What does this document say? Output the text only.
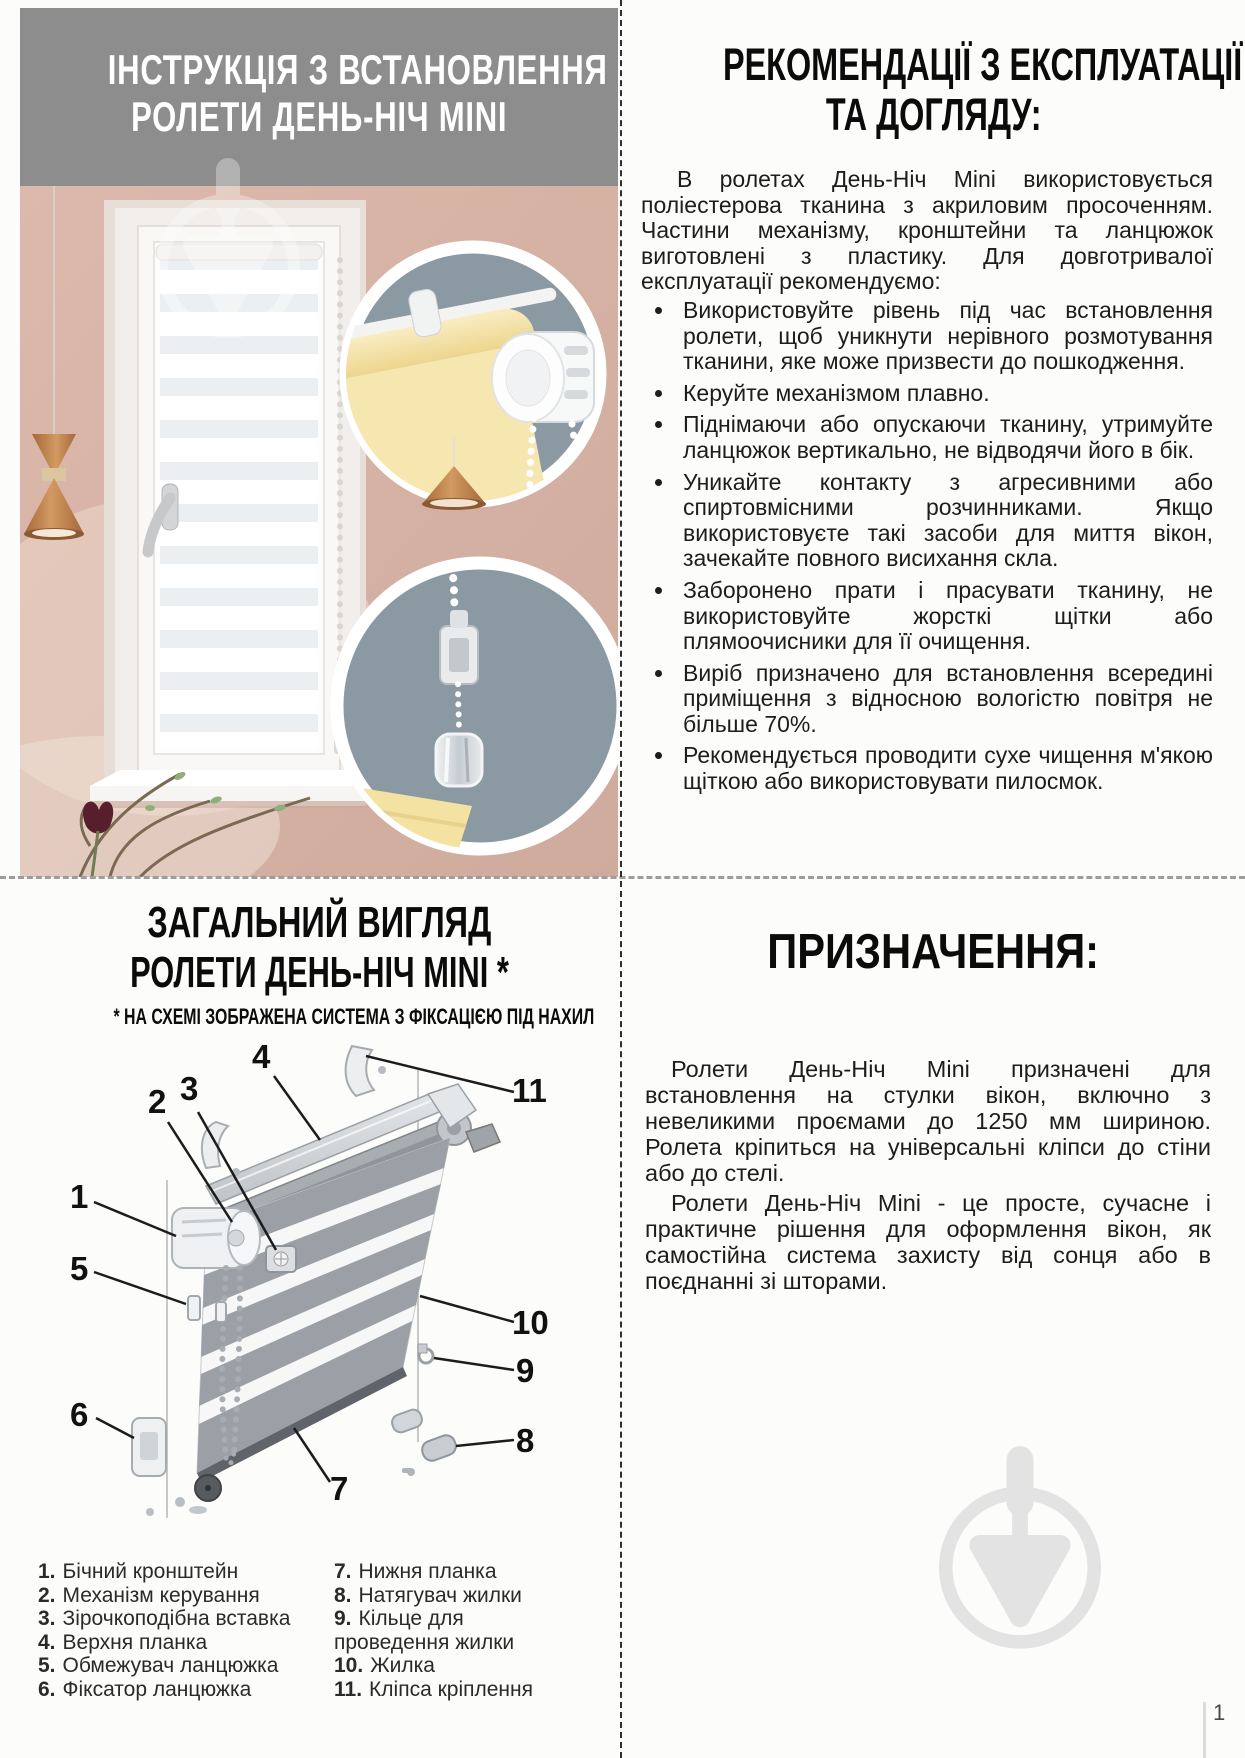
ІНСТРУКЦІЯ З ВСТАНОВЛЕННЯ
РОЛЕТИ ДЕНЬ-НІЧ MINI
РЕКОМЕНДАЦІЇ З ЕКСПЛУАТАЦІЇ
ТА ДОГЛЯДУ:

В ролетах День-Ніч Mini використовується поліестерова тканина з акриловим просоченням. Частини механізму, кронштейни та ланцюжок виготовлені з пластику. Для довготривалої експлуатації рекомендуємо:

Використовуйте рівень під час встановлення ролети, щоб уникнути нерівного розмотування тканини, яке може призвести до пошкодження.
Керуйте механізмом плавно.
Піднімаючи або опускаючи тканину, утримуйте ланцюжок вертикально, не відводячи його в бік.
Уникайте контакту з агресивними або спиртовмісними розчинниками. Якщо використовуєте такі засоби для миття вікон, зачекайте повного висихання скла.
Заборонено прати і прасувати тканину, не використовуйте жорсткі щітки або плямоочисники для її очищення.
Виріб призначено для встановлення всередині приміщення з відносною вологістю повітря не більше 70%.
Рекомендується проводити сухе чищення м'якою щіткою або використовувати пилосмок.
ЗАГАЛЬНИЙ ВИГЛЯД
РОЛЕТИ ДЕНЬ-НІЧ MINI *
* НА СХЕМІ ЗОБРАЖЕНА СИСТЕМА З ФІКСАЦІЄЮ ПІД НАХИЛ
1
2 3
4
5
6
7
8
9
10
11
1. Бічний кронштейн
2. Механізм керування
3. Зірочкоподібна вставка
4. Верхня планка
5. Обмежувач ланцюжка
6. Фіксатор ланцюжка
7. Нижня планка
8. Натягувач жилки
9. Кільце для проведення жилки
10. Жилка
11. Кліпса кріплення
ПРИЗНАЧЕННЯ:

Ролети День-Ніч Mini призначені для встановлення на стулки вікон, включно з невеликими проємами до 1250 мм шириною. Ролета кріпиться на універсальні кліпси до стіни або до стелі.

Ролети День-Ніч Mini - це просте, сучасне і практичне рішення для оформлення вікон, як самостійна система захисту від сонця або в поєднанні зі шторами.

1
